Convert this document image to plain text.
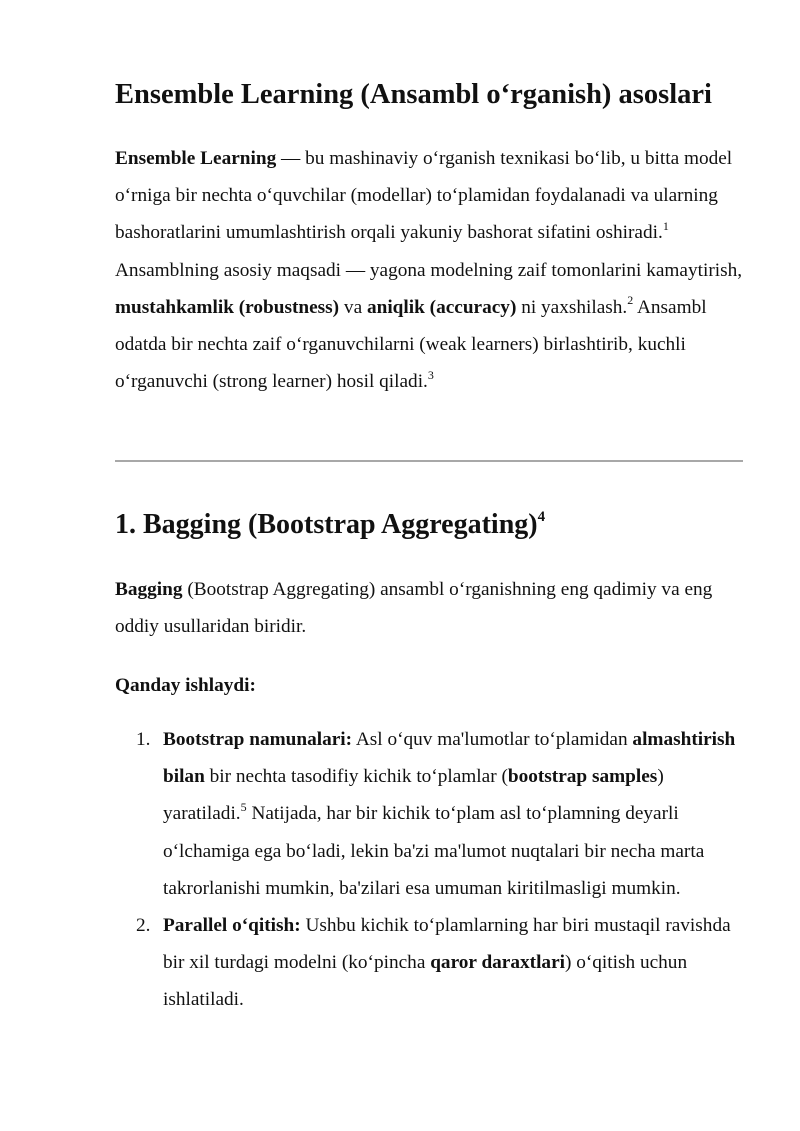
Ensemble Learning (Ansambl o‘rganish) asoslari

Ensemble Learning — bu mashinaviy o‘rganish texnikasi bo‘lib, u bitta model o‘rniga bir nechta o‘quvchilar (modellar) to‘plamidan foydalanadi va ularning bashoratlarini umumlashtirish orqali yakuniy bashorat sifatini oshiradi.$^1$ Ansamblning asosiy maqsadi — yagona modelning zaif tomonlarini kamaytirish, mustahkamlik (robustness) va aniqlik (accuracy) ni yaxshilash.$^2$ Ansambl odatda bir nechta zaif o‘rganuvchilarni (weak learners) birlashtirib, kuchli o‘rganuvchi (strong learner) hosil qiladi.$^3$

1. Bagging (Bootstrap Aggregating)$^4$

Bagging (Bootstrap Aggregating) ansambl o‘rganishning eng qadimiy va eng oddiy usullaridan biridir.

Qanday ishlaydi:

1. Bootstrap namunalari: Asl o‘quv ma'lumotlar to‘plamidan almashtirish bilan bir nechta tasodifiy kichik to‘plamlar (bootstrap samples) yaratiladi.$^5$ Natijada, har bir kichik to‘plam asl to‘plamning deyarli o‘lchamiga ega bo‘ladi, lekin ba'zi ma'lumot nuqtalari bir necha marta takrorlanishi mumkin, ba'zilari esa umuman kiritilmasligi mumkin.
2. Parallel o‘qitish: Ushbu kichik to‘plamlarning har biri mustaqil ravishda bir xil turdagi modelni (ko‘pincha qaror daraxtlari) o‘qitish uchun ishlatiladi.
